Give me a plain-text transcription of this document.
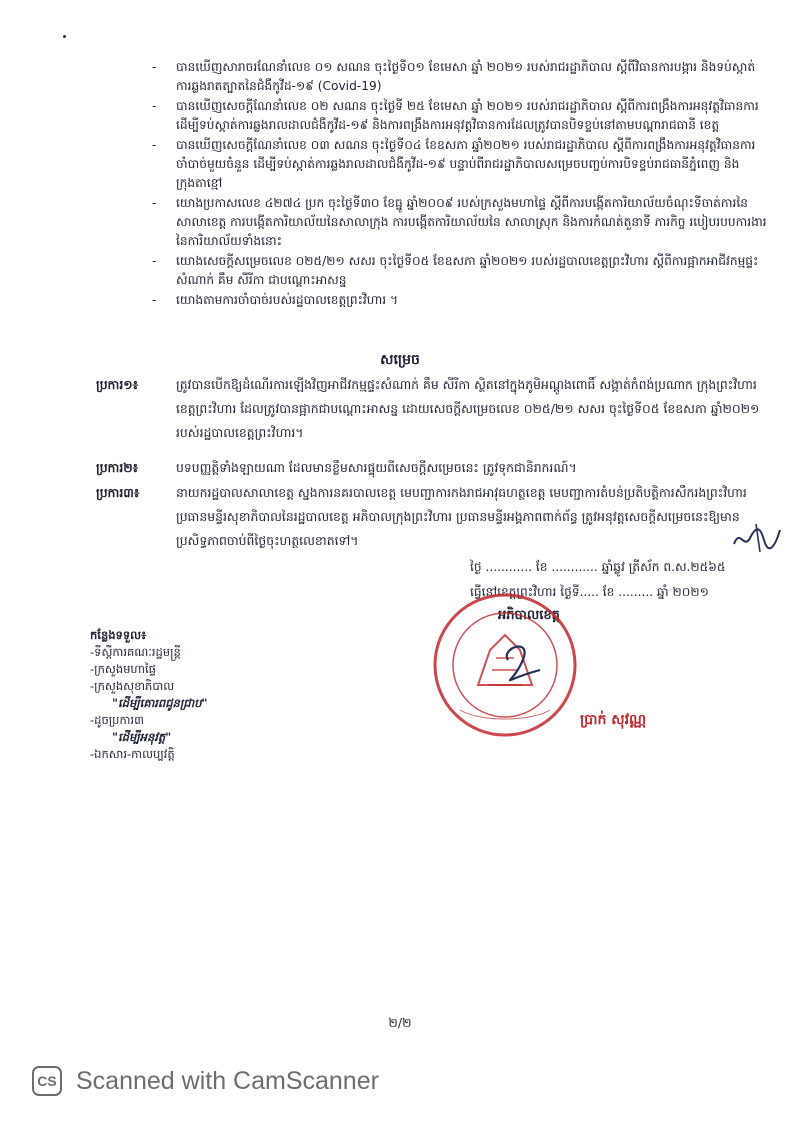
- បានឃើញសារាចរណែនាំលេខ ០១ សណន ចុះថ្ងៃទី០១ ខែមេសា ឆ្នាំ ២០២១ របស់រាជរដ្ឋាភិបាល ស្តីពីវិធានការបង្ការ និងទប់ស្កាត់ការឆ្លងរាតត្បាតនៃជំងឺកូវីដ-១៩ (Covid-19)
- បានឃើញសេចក្តីណែនាំលេខ ០២ សណន ចុះថ្ងៃទី ២៥ ខែមេសា ឆ្នាំ ២០២១ របស់រាជរដ្ឋាភិបាល ស្តីពីការពង្រឹងការអនុវត្តវិធានការដើម្បីទប់ស្កាត់ការឆ្លងរាលដាលជំងឺកូវីដ-១៩ និងការពង្រឹងការអនុវត្តវិធានការដែលត្រូវបានបិទខ្ទប់នៅតាមបណ្តារាជធានី ខេត្ត
- បានឃើញសេចក្តីណែនាំលេខ ០៣ សណន ចុះថ្ងៃទី០៤ ខែឧសភា ឆ្នាំ២០២១ របស់រាជរដ្ឋាភិបាល ស្តីពីការពង្រឹងការអនុវត្តវិធានការចាំបាច់មួយចំនួន ដើម្បីទប់ស្កាត់ការឆ្លងរាលដាលជំងឺកូវីដ-១៩ បន្ទាប់ពីរាជរដ្ឋាភិបាលសម្រេចបញ្ចប់ការបិទខ្ទប់រាជធានីភ្នំពេញ និងក្រុងតាខ្មៅ
- យោងប្រកាសលេខ ៤២៧៤ ប្រក ចុះថ្ងៃទី៣០ ខែធ្នូ ឆ្នាំ២០០៩ របស់ក្រសួងមហាផ្ទៃ ស្តីពីការបង្កើតការិយាល័យចំណុះទីចាត់ការនៃសាលាខេត្ត ការបង្កើតការិយាល័យនៃសាលាក្រុង ការបង្កើតការិយាល័យនៃ សាលាស្រុក និងការកំណត់តួនាទី ភារកិច្ច របៀបរបបការងារនៃការិយាល័យទាំងនោះ
- យោងសេចក្តីសម្រេចលេខ ០២៥/២១ សសរ ចុះថ្ងៃទី០៥ ខែឧសភា ឆ្នាំ២០២១ របស់រដ្ឋបាលខេត្តព្រះវិហារ ស្តីពីការផ្អាកអាជីវកម្មផ្ទះសំណាក់ គឹម សីរីកា ជាបណ្តោះអាសន្ន
- យោងតាមការចាំបាច់របស់រដ្ឋបាលខេត្តព្រះវិហារ ។
សម្រេច
ប្រការ១៖	ត្រូវបានបើកឱ្យដំណើរការឡើងវិញអាជីវកម្មផ្ទះសំណាក់ គឹម សីរីកា ស្ថិតនៅក្នុងភូមិអណ្តូងពោធិ៍ សង្កាត់កំពង់ប្រណាក ក្រុងព្រះវិហារ ខេត្តព្រះវិហារ ដែលត្រូវបានផ្អាកជាបណ្តោះអាសន្ន ដោយសេចក្តីសម្រេចលេខ ០២៥/២១ សសរ ចុះថ្ងៃទី០៥ ខែឧសភា ឆ្នាំ២០២១ របស់រដ្ឋបាលខេត្តព្រះវិហារ។
ប្រការ២៖	បទបញ្ញត្តិទាំងឡាយណា ដែលមានខ្លឹមសារផ្ទុយពីសេចក្តីសម្រេចនេះ ត្រូវទុកជានិរាករណ៍។
ប្រការ៣៖	នាយករដ្ឋបាលសាលាខេត្ត ស្នងការនគរបាលខេត្ត មេបញ្ជាការកងរាជអាវុធហត្ថខេត្ត មេបញ្ជាការតំបន់ប្រតិបត្តិការសឹករងព្រះវិហារ ប្រធានមន្ទីរសុខាភិបាលនៃរដ្ឋបាលខេត្ត អភិបាលក្រុងព្រះវិហារ ប្រធានមន្ទីរអង្គភាពពាក់ព័ន្ធ ត្រូវអនុវត្តសេចក្តីសម្រេចនេះឱ្យមានប្រសិទ្ធភាពចាប់ពីថ្ងៃចុះហត្ថលេខាតទៅ។
ថ្ងៃ ............ ខែ ............ ឆ្នាំឆ្លូវ ត្រីស័ក ព.ស.២៥៦៥
ធ្វើនៅខេត្តព្រះវិហារ ថ្ងៃទី..... ខែ ......... ឆ្នាំ ២០២១
អភិបាលខេត្ត
ប្រាក់ សុវណ្ណ
កន្លែងទទួល៖
-ទីស្តីការគណៈរដ្ឋមន្ត្រី
-ក្រសួងមហាផ្ទៃ
-ក្រសួងសុខាភិបាល
"ដើម្បីគោរពជូនជ្រាប"
-ដូចប្រការ៣
"ដើម្បីអនុវត្ត"
-ឯកសារ-កាលប្បវត្តិ
២/២
CS Scanned with CamScanner
